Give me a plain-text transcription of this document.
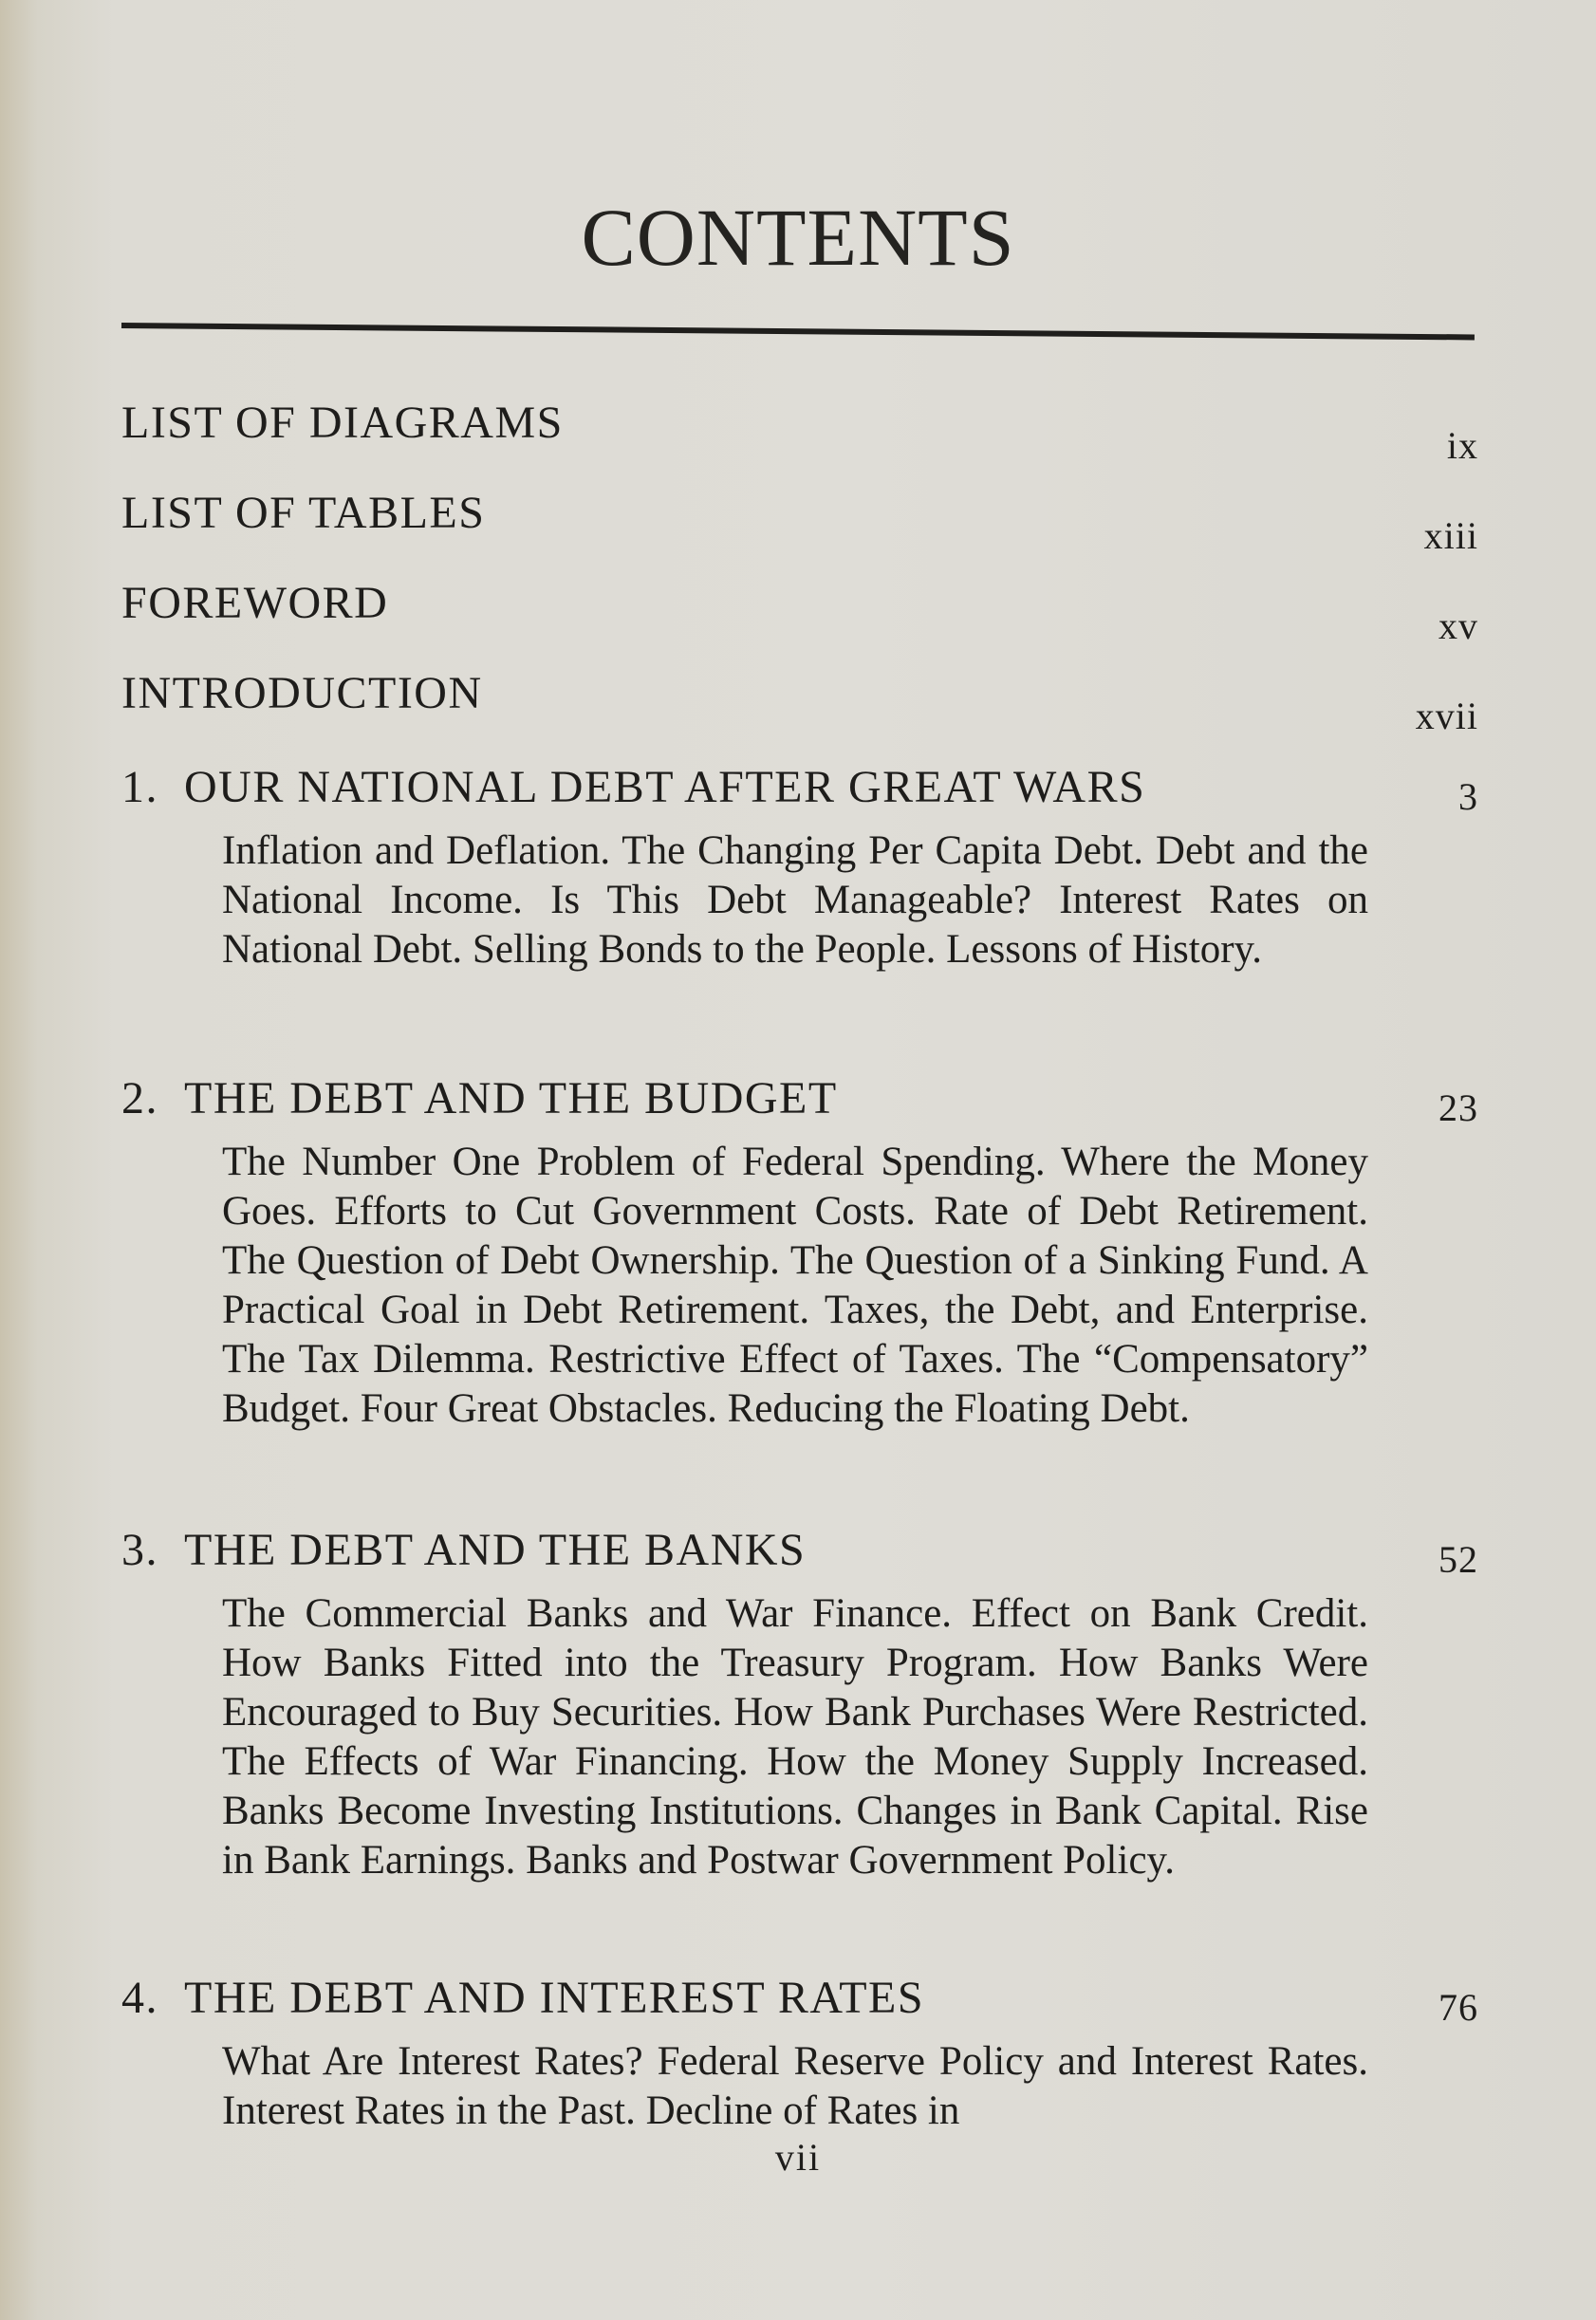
CONTENTS
LIST OF DIAGRAMS	ix
LIST OF TABLES	xiii
FOREWORD	xv
INTRODUCTION	xvii
1. OUR NATIONAL DEBT AFTER GREAT WARS	3
Inflation and Deflation. The Changing Per Capita Debt. Debt and the National Income. Is This Debt Manageable? Interest Rates on National Debt. Selling Bonds to the People. Lessons of History.
2. THE DEBT AND THE BUDGET	23
The Number One Problem of Federal Spending. Where the Money Goes. Efforts to Cut Government Costs. Rate of Debt Retirement. The Question of Debt Ownership. The Question of a Sinking Fund. A Practical Goal in Debt Retirement. Taxes, the Debt, and Enterprise. The Tax Dilemma. Restrictive Effect of Taxes. The “Compensatory” Budget. Four Great Obstacles. Reducing the Floating Debt.
3. THE DEBT AND THE BANKS	52
The Commercial Banks and War Finance. Effect on Bank Credit. How Banks Fitted into the Treasury Program. How Banks Were Encouraged to Buy Securities. How Bank Purchases Were Restricted. The Effects of War Financing. How the Money Supply Increased. Banks Become Investing Institutions. Changes in Bank Capital. Rise in Bank Earnings. Banks and Postwar Government Policy.
4. THE DEBT AND INTEREST RATES	76
What Are Interest Rates? Federal Reserve Policy and Interest Rates. Interest Rates in the Past. Decline of Rates in
vii
